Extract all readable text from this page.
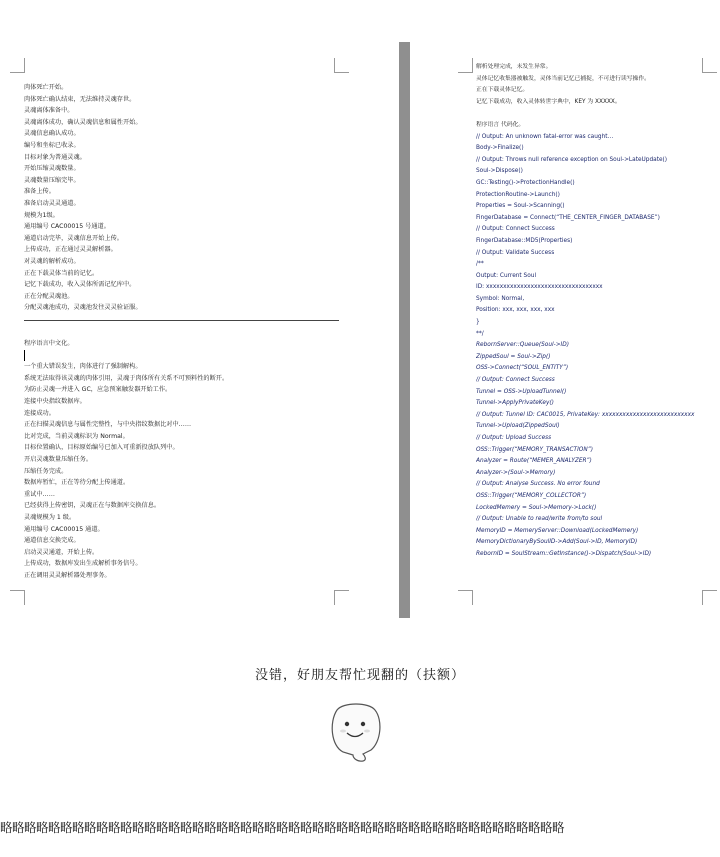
肉体死亡开始。
肉体死亡确认结束，无法维持灵魂存世。
灵魂离体准备中。
灵魂离体成功，确认灵魂信息和属性开始。
灵魂信息确认成功。
编号和坐标已收录。
目标对象为普通灵魂。
开始压缩灵魂数量。
灵魂数量压缩完毕。
准备上传。
准备启动灵灵通道。
规模为1级。
通用编号 CAC00015 号通道。
通道启动完毕，灵魂信息开始上传。
上传成功，正在通过灵灵解析器。
对灵魂的解析成功。
正在下载灵体当前的记忆。
记忆下载成功，收入灵体所需记忆库中。
正在分配灵魂池。
分配灵魂池成功，灵魂池发往灵灵验证服。
程序语言中文化。
一个重大错误发生，肉体进行了强制解构。
系统无法取得该灵魂的肉体引用，灵魂于肉体所有关系不可预料性的断开。
为防止灵魂一并进入 GC，应急预案触发器开始工作。
连接中央指纹数据库。
连接成功。
正在扫描灵魂信息与属性完整性，与中央指纹数据比对中……
比对完成，当前灵魂标识为 Normal。
目标位置确认，目标原始编号已加入可重新投放队列中。
开启灵魂数量压缩任务。
压缩任务完成。
数据库暂忙，正在等待分配上传通道。
重试中……
已经获得上传密钥，灵魂正在与数据库交换信息。
灵魂规模为 1 级。
通用编号 CAC00015 通道。
通道信息交换完成。
启动灵灵通道，开始上传。
上传成功，数据库发出生成解析事务信号。
正在调用灵灵解析器处理事务。
解析处理完成，未发生异常。
灵体记忆收集器被触发，灵体当前记忆已捕捉，不可进行读写操作。
正在下载灵体记忆。
记忆下载成功，收入灵体转世字典中，KEY 为 XXXXX。
程序语言 代码化。
// Output: An unknown fatal-error was caught…
Body->Finalize()
// Output: Throws null reference exception on Soul->LateUpdate()
Soul->Dispose()
GC::Testing()->ProtectionHandle()
ProtectionRoutine->Launch()
Properties = Soul->Scanning()
FingerDatabase = Connect(“THE_CENTER_FINGER_DATABASE”)
// Output: Connect Success
FingerDatabase::MD5(Properties)
// Output: Validate Success
/**
Output: Current Soul
ID: xxxxxxxxxxxxxxxxxxxxxxxxxxxxxxxxxx
Symbol: Normal,
Position: xxx, xxx, xxx, xxx
}
**/
RebornServer::Queue(Soul->ID)
ZippedSoul = Soul->Zip()
OSS->Connect(“SOUL_ENTITY”)
// Output: Connect Success
Tunnel = OSS->UploadTunnel()
Tunnel->ApplyPrivateKey()
// Output: Tunnel ID: CAC0015, PrivateKey: xxxxxxxxxxxxxxxxxxxxxxxxxxx
Tunnel->Upload(ZippedSoul)
// Output: Upload Success
OSS::Trigger(“MEMORY_TRANSACTION”)
Analyzer = Route(“MEMER_ANALYZER”)
Analyzer->(Soul->Memory)
// Output: Analyse Success. No error found
OSS::Trigger(“MEMORY_COLLECTOR”)
LockedMemery = Soul->Memory->Lock()
// Output: Unable to read/write from/to soul
MemoryID = MemeryServer::Download(LockedMemery)
MemoryDictionaryBySoulID->Add(Soul->ID, MemoryID)
RebornID = SoulStream::GetInstance()->Dispatch(Soul->ID)
没错，好朋友帮忙现翻的（扶额）
略略略略略略略略略略略略略略略略略略略略略略略略略略略略略略略略略略略略略略略略略略略略略略略
